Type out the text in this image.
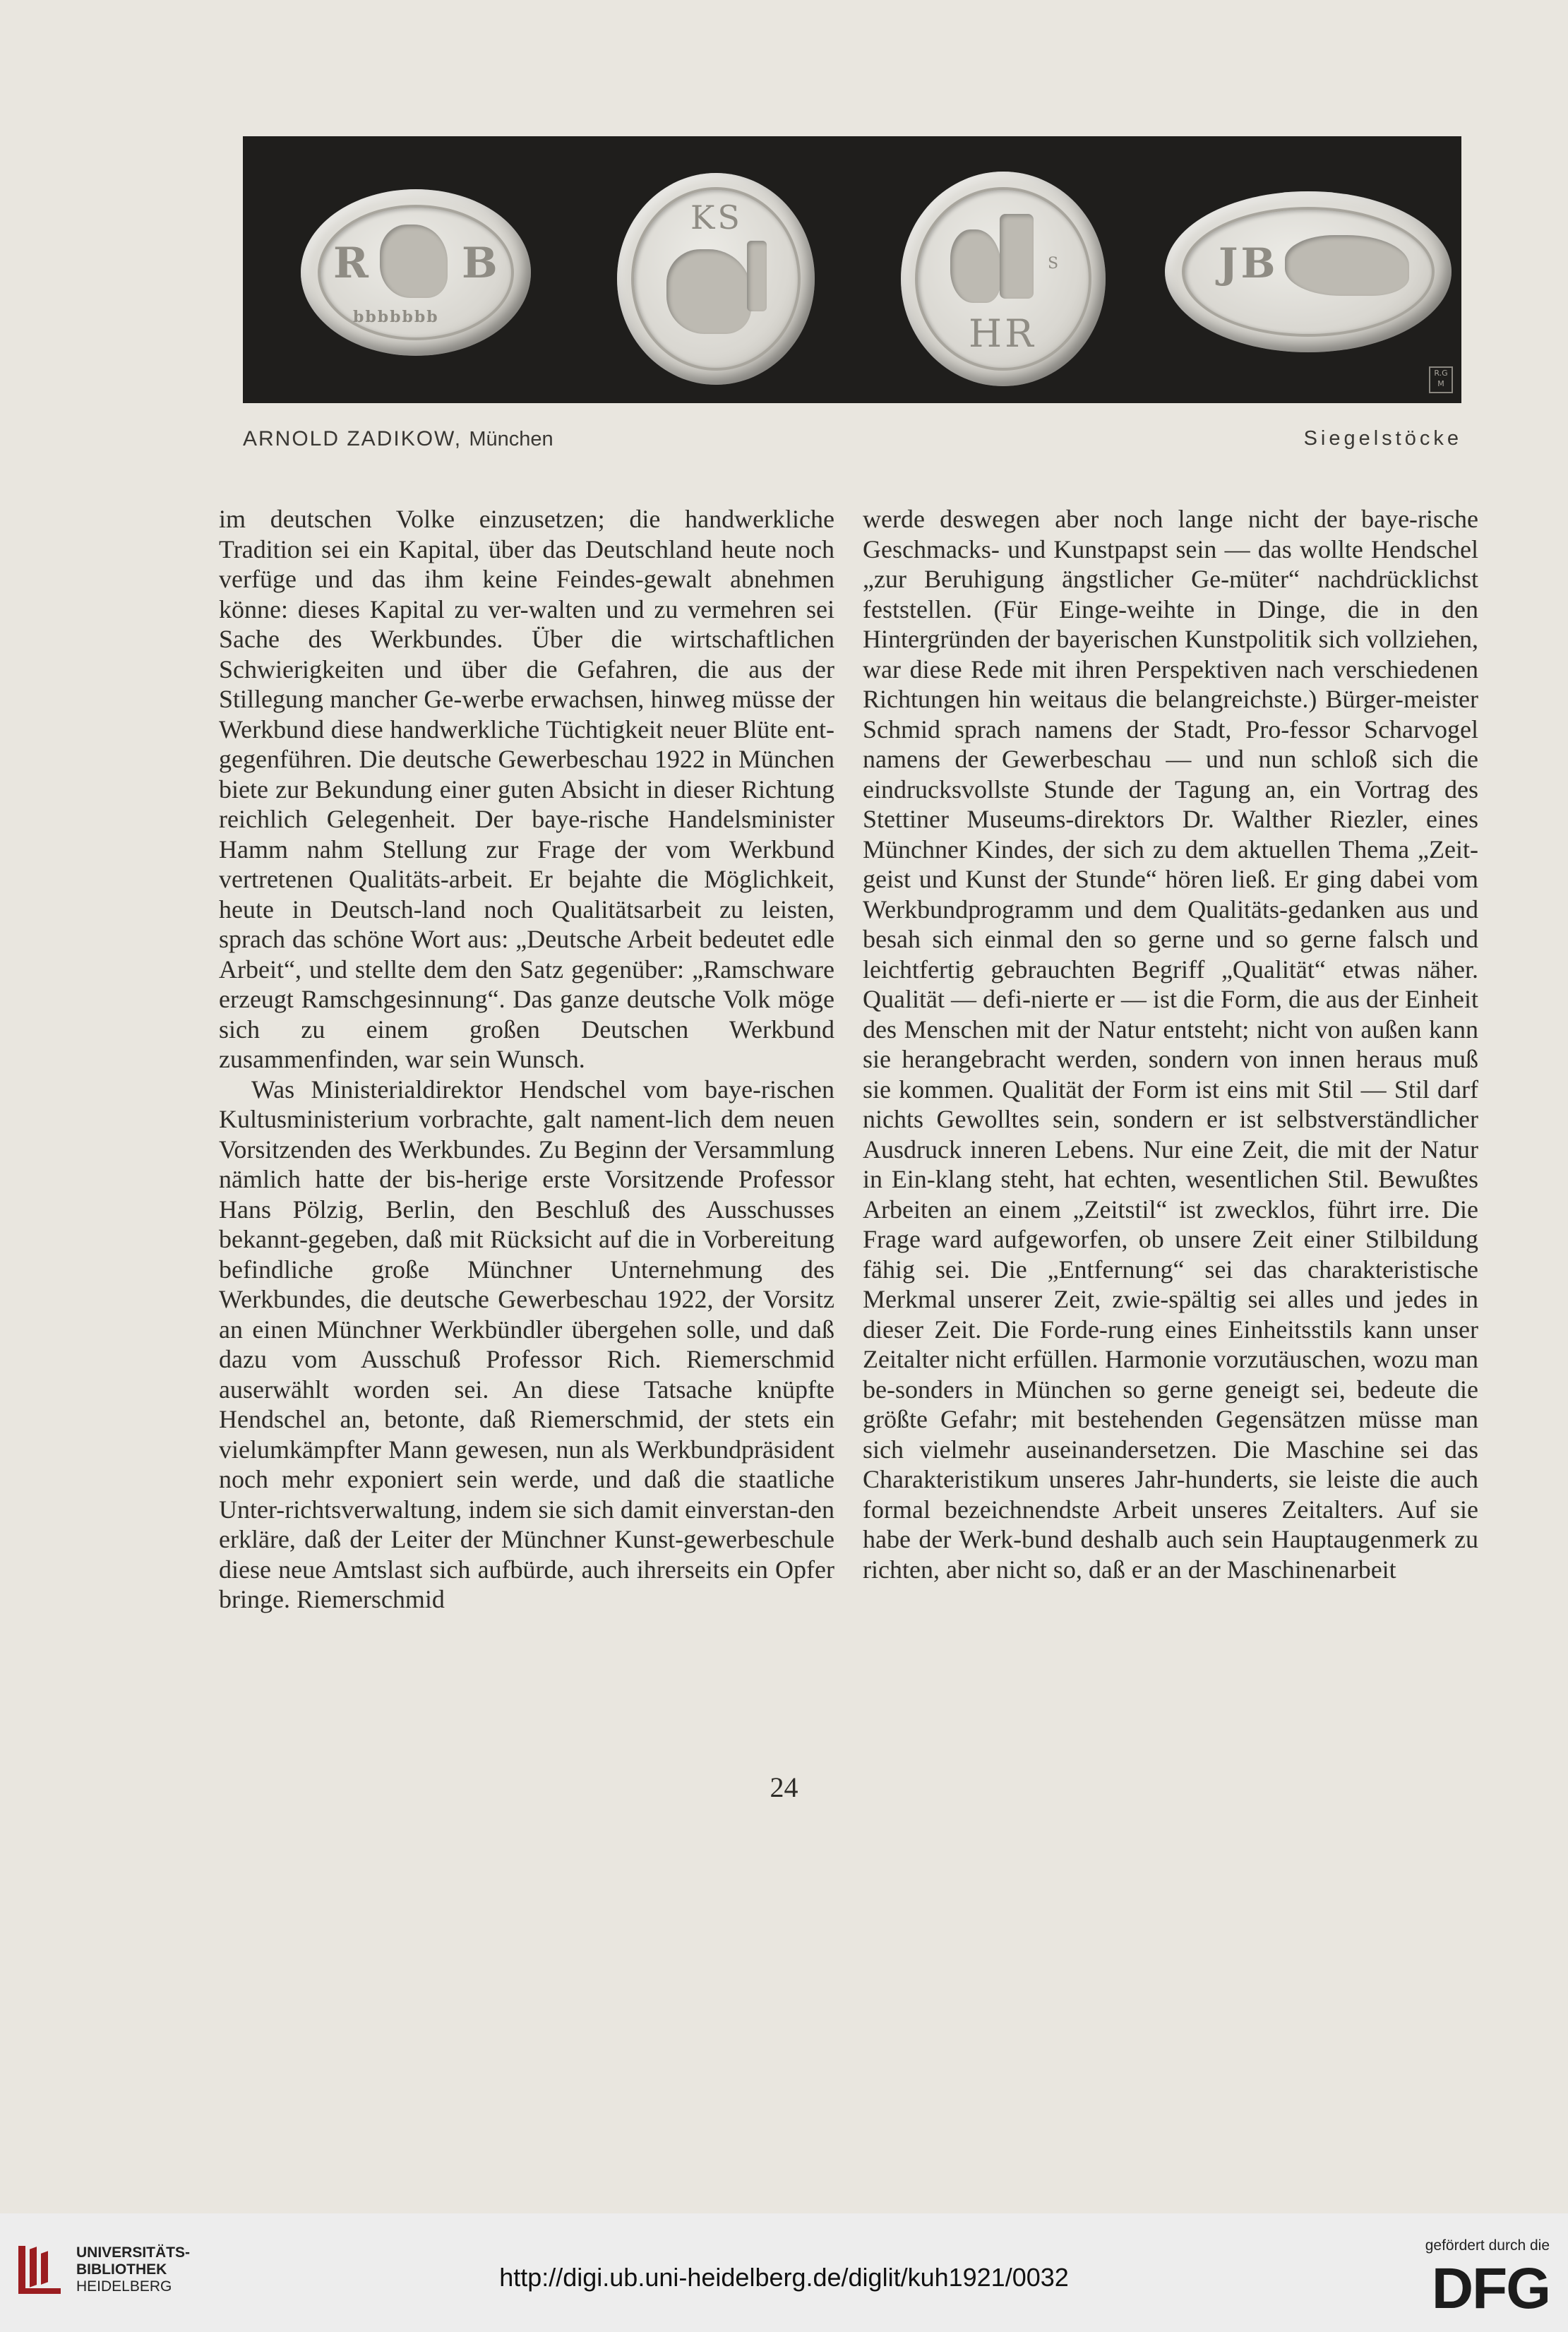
R B
bbbbbbb
KS
S
HR
JB
R.G M
ARNOLD ZADIKOW, München	Siegelstöcke

im deutschen Volke einzusetzen; die handwerkliche Tradition sei ein Kapital, über das Deutschland heute noch verfüge und das ihm keine Feindes-gewalt abnehmen könne: dieses Kapital zu ver-walten und zu vermehren sei Sache des Werkbundes. Über die wirtschaftlichen Schwierigkeiten und über die Gefahren, die aus der Stillegung mancher Ge-werbe erwachsen, hinweg müsse der Werkbund diese handwerkliche Tüchtigkeit neuer Blüte ent-gegenführen. Die deutsche Gewerbeschau 1922 in München biete zur Bekundung einer guten Absicht in dieser Richtung reichlich Gelegenheit. Der baye-rische Handelsminister Hamm nahm Stellung zur Frage der vom Werkbund vertretenen Qualitäts-arbeit. Er bejahte die Möglichkeit, heute in Deutsch-land noch Qualitätsarbeit zu leisten, sprach das schöne Wort aus: „Deutsche Arbeit bedeutet edle Arbeit“, und stellte dem den Satz gegenüber: „Ramschware erzeugt Ramschgesinnung“. Das ganze deutsche Volk möge sich zu einem großen Deutschen Werkbund zusammenfinden, war sein Wunsch.

Was Ministerialdirektor Hendschel vom baye-rischen Kultusministerium vorbrachte, galt nament-lich dem neuen Vorsitzenden des Werkbundes. Zu Beginn der Versammlung nämlich hatte der bis-herige erste Vorsitzende Professor Hans Pölzig, Berlin, den Beschluß des Ausschusses bekannt-gegeben, daß mit Rücksicht auf die in Vorbereitung befindliche große Münchner Unternehmung des Werkbundes, die deutsche Gewerbeschau 1922, der Vorsitz an einen Münchner Werkbündler übergehen solle, und daß dazu vom Ausschuß Professor Rich. Riemerschmid auserwählt worden sei. An diese Tatsache knüpfte Hendschel an, betonte, daß Riemerschmid, der stets ein vielumkämpfter Mann gewesen, nun als Werkbundpräsident noch mehr exponiert sein werde, und daß die staatliche Unter-richtsverwaltung, indem sie sich damit einverstan-den erkläre, daß der Leiter der Münchner Kunst-gewerbeschule diese neue Amtslast sich aufbürde, auch ihrerseits ein Opfer bringe. Riemerschmid

werde deswegen aber noch lange nicht der baye-rische Geschmacks- und Kunstpapst sein — das wollte Hendschel „zur Beruhigung ängstlicher Ge-müter“ nachdrücklichst feststellen. (Für Einge-weihte in Dinge, die in den Hintergründen der bayerischen Kunstpolitik sich vollziehen, war diese Rede mit ihren Perspektiven nach verschiedenen Richtungen hin weitaus die belangreichste.) Bürger-meister Schmid sprach namens der Stadt, Pro-fessor Scharvogel namens der Gewerbeschau — und nun schloß sich die eindrucksvollste Stunde der Tagung an, ein Vortrag des Stettiner Museums-direktors Dr. Walther Riezler, eines Münchner Kindes, der sich zu dem aktuellen Thema „Zeit-geist und Kunst der Stunde“ hören ließ. Er ging dabei vom Werkbundprogramm und dem Qualitäts-gedanken aus und besah sich einmal den so gerne und so gerne falsch und leichtfertig gebrauchten Begriff „Qualität“ etwas näher. Qualität — defi-nierte er — ist die Form, die aus der Einheit des Menschen mit der Natur entsteht; nicht von außen kann sie herangebracht werden, sondern von innen heraus muß sie kommen. Qualität der Form ist eins mit Stil — Stil darf nichts Gewolltes sein, sondern er ist selbstverständlicher Ausdruck inneren Lebens. Nur eine Zeit, die mit der Natur in Ein-klang steht, hat echten, wesentlichen Stil. Bewußtes Arbeiten an einem „Zeitstil“ ist zwecklos, führt irre. Die Frage ward aufgeworfen, ob unsere Zeit einer Stilbildung fähig sei. Die „Entfernung“ sei das charakteristische Merkmal unserer Zeit, zwie-spältig sei alles und jedes in dieser Zeit. Die Forde-rung eines Einheitsstils kann unser Zeitalter nicht erfüllen. Harmonie vorzutäuschen, wozu man be-sonders in München so gerne geneigt sei, bedeute die größte Gefahr; mit bestehenden Gegensätzen müsse man sich vielmehr auseinandersetzen. Die Maschine sei das Charakteristikum unseres Jahr-hunderts, sie leiste die auch formal bezeichnendste Arbeit unseres Zeitalters. Auf sie habe der Werk-bund deshalb auch sein Hauptaugenmerk zu richten, aber nicht so, daß er an der Maschinenarbeit

24
UNIVERSITÄTS-
BIBLIOTHEK
HEIDELBERG	http://digi.ub.uni-heidelberg.de/diglit/kuh1921/0032
gefördert durch die
DFG
